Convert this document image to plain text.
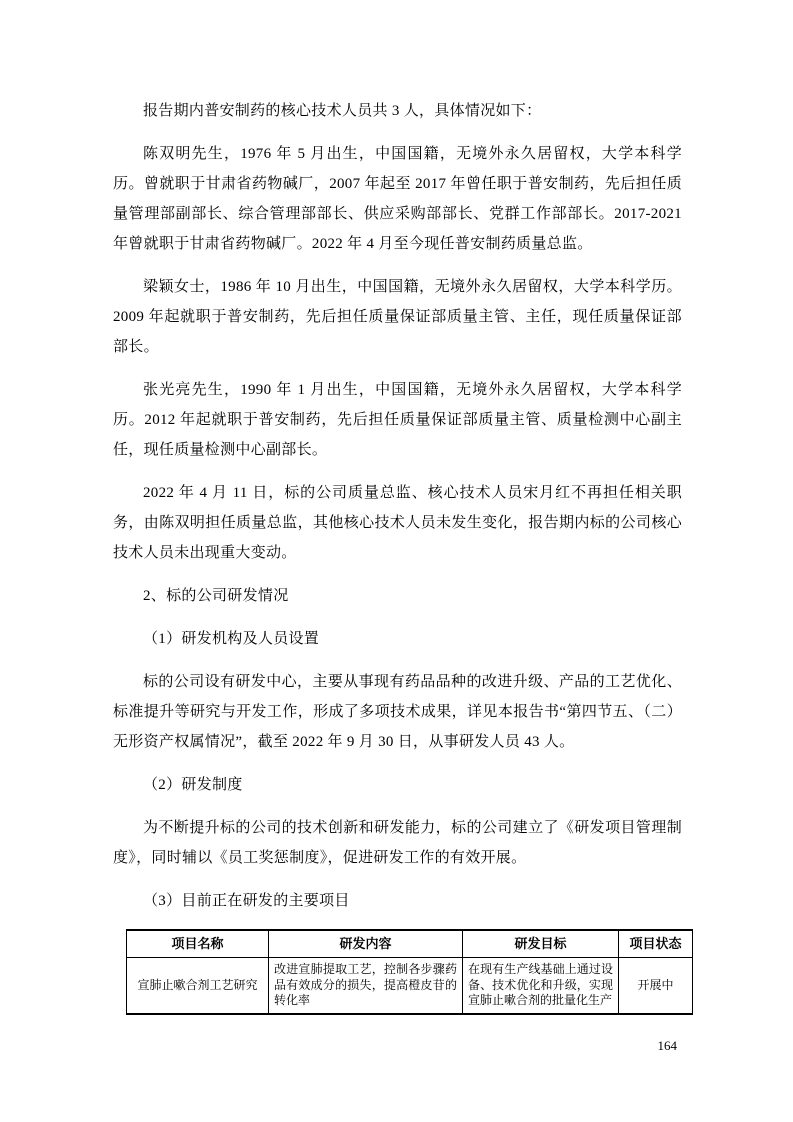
报告期内普安制药的核心技术人员共 3 人，具体情况如下：

陈双明先生，1976 年 5 月出生，中国国籍，无境外永久居留权，大学本科学历。曾就职于甘肃省药物碱厂，2007 年起至 2017 年曾任职于普安制药，先后担任质量管理部副部长、综合管理部部长、供应采购部部长、党群工作部部长。2017-2021 年曾就职于甘肃省药物碱厂。2022 年 4 月至今现任普安制药质量总监。

梁颖女士，1986 年 10 月出生，中国国籍，无境外永久居留权，大学本科学历。2009 年起就职于普安制药，先后担任质量保证部质量主管、主任，现任质量保证部部长。

张光亮先生，1990 年 1 月出生，中国国籍，无境外永久居留权，大学本科学历。2012 年起就职于普安制药，先后担任质量保证部质量主管、质量检测中心副主任，现任质量检测中心副部长。

2022 年 4 月 11 日，标的公司质量总监、核心技术人员宋月红不再担任相关职务，由陈双明担任质量总监，其他核心技术人员未发生变化，报告期内标的公司核心技术人员未出现重大变动。

2、标的公司研发情况

（1）研发机构及人员设置

标的公司设有研发中心，主要从事现有药品品种的改进升级、产品的工艺优化、标准提升等研究与开发工作，形成了多项技术成果，详见本报告书“第四节五、（二）无形资产权属情况”，截至 2022 年 9 月 30 日，从事研发人员 43 人。

（2）研发制度

为不断提升标的公司的技术创新和研发能力，标的公司建立了《研发项目管理制度》，同时辅以《员工奖惩制度》，促进研发工作的有效开展。

（3）目前正在研发的主要项目

项目名称	研发内容	研发目标	项目状态
宣肺止嗽合剂工艺研究	改进宣肺提取工艺，控制各步骤药品有效成分的损失，提高橙皮苷的转化率	在现有生产线基础上通过设备、技术优化和升级，实现宣肺止嗽合剂的批量化生产	开展中
164
